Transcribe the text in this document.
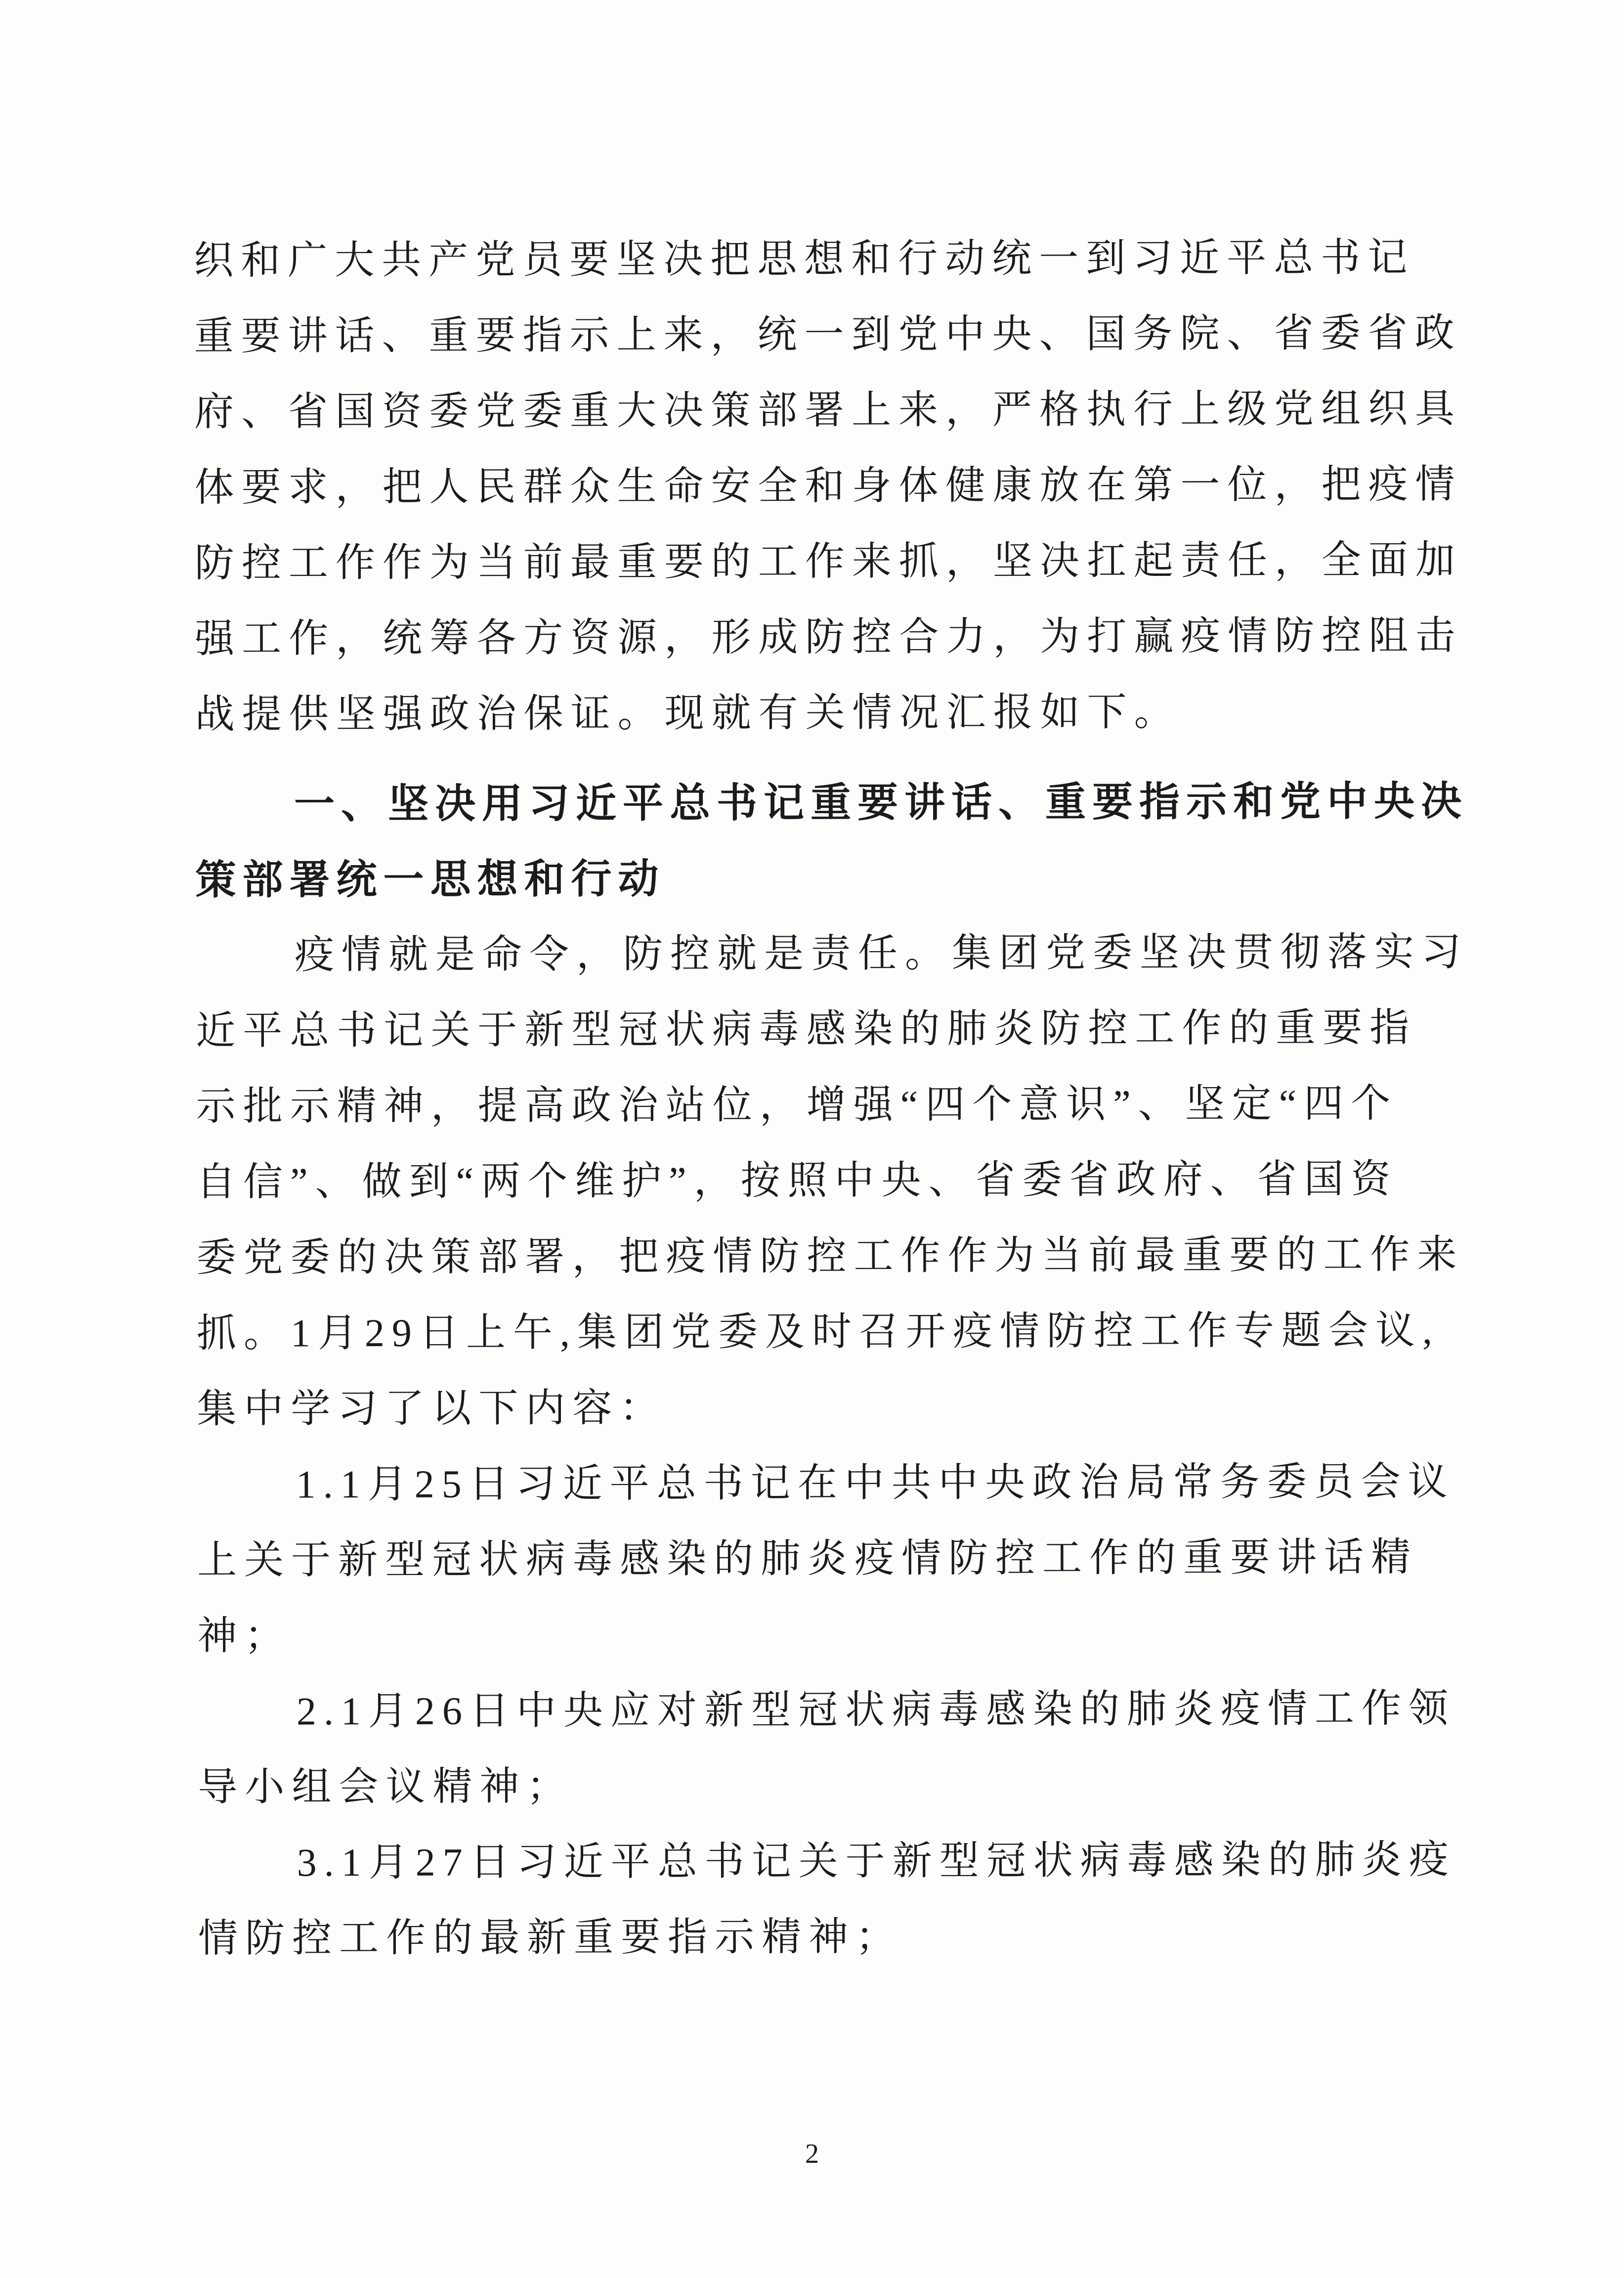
织和广大共产党员要坚决把思想和行动统一到习近平总书记
重要讲话、重要指示上来，统一到党中央、国务院、省委省政
府、省国资委党委重大决策部署上来，严格执行上级党组织具
体要求，把人民群众生命安全和身体健康放在第一位，把疫情
防控工作作为当前最重要的工作来抓，坚决扛起责任，全面加
强工作，统筹各方资源，形成防控合力，为打赢疫情防控阻击
战提供坚强政治保证。现就有关情况汇报如下。
一、坚决用习近平总书记重要讲话、重要指示和党中央决
策部署统一思想和行动
疫情就是命令，防控就是责任。集团党委坚决贯彻落实习
近平总书记关于新型冠状病毒感染的肺炎防控工作的重要指
示批示精神，提高政治站位，增强“四个意识”、坚定“四个
自信”、做到“两个维护”，按照中央、省委省政府、省国资
委党委的决策部署，把疫情防控工作作为当前最重要的工作来
抓。1月29日上午,集团党委及时召开疫情防控工作专题会议,
集中学习了以下内容：
1.1月25日习近平总书记在中共中央政治局常务委员会议
上关于新型冠状病毒感染的肺炎疫情防控工作的重要讲话精
神；
2.1月26日中央应对新型冠状病毒感染的肺炎疫情工作领
导小组会议精神；
3.1月27日习近平总书记关于新型冠状病毒感染的肺炎疫
情防控工作的最新重要指示精神；
2
